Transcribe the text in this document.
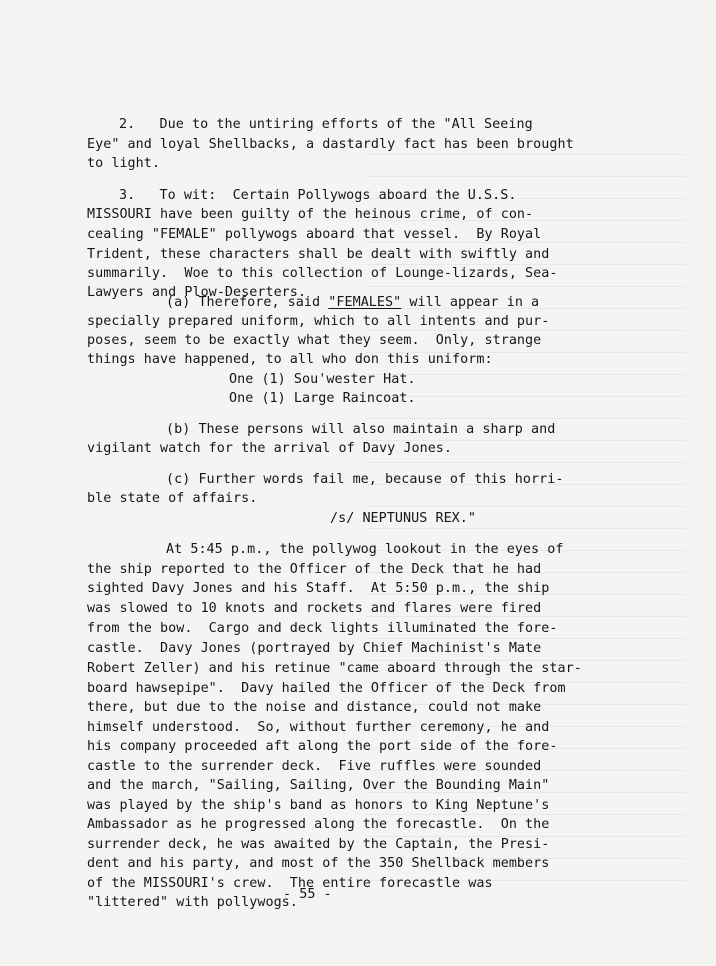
2.   Due to the untiring efforts of the "All Seeing
Eye" and loyal Shellbacks, a dastardly fact has been brought
to light.
3.   To wit:  Certain Pollywogs aboard the U.S.S.
MISSOURI have been guilty of the heinous crime, of con-
cealing "FEMALE" pollywogs aboard that vessel.  By Royal
Trident, these characters shall be dealt with swiftly and
summarily.  Woe to this collection of Lounge-lizards, Sea-
Lawyers and Plow-Deserters.
(a) Therefore, said "FEMALES" will appear in a
specially prepared uniform, which to all intents and pur-
poses, seem to be exactly what they seem.  Only, strange
things have happened, to all who don this uniform:
One (1) Sou'wester Hat.
One (1) Large Raincoat.
(b) These persons will also maintain a sharp and
vigilant watch for the arrival of Davy Jones.
(c) Further words fail me, because of this horri-
ble state of affairs.
/s/ NEPTUNUS REX."
At 5:45 p.m., the pollywog lookout in the eyes of
the ship reported to the Officer of the Deck that he had
sighted Davy Jones and his Staff.  At 5:50 p.m., the ship
was slowed to 10 knots and rockets and flares were fired
from the bow.  Cargo and deck lights illuminated the fore-
castle.  Davy Jones (portrayed by Chief Machinist's Mate
Robert Zeller) and his retinue "came aboard through the star-
board hawsepipe".  Davy hailed the Officer of the Deck from
there, but due to the noise and distance, could not make
himself understood.  So, without further ceremony, he and
his company proceeded aft along the port side of the fore-
castle to the surrender deck.  Five ruffles were sounded
and the march, "Sailing, Sailing, Over the Bounding Main"
was played by the ship's band as honors to King Neptune's
Ambassador as he progressed along the forecastle.  On the
surrender deck, he was awaited by the Captain, the Presi-
dent and his party, and most of the 350 Shellback members
of the MISSOURI's crew.  The entire forecastle was
"littered" with pollywogs.
- 55 -
